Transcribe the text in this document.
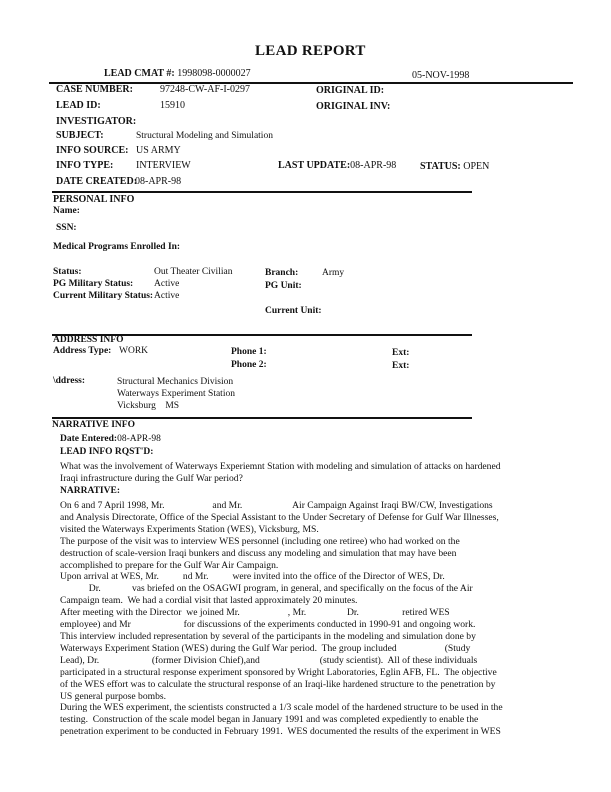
LEAD REPORT
LEAD CMAT #: 1998098-0000027	05-NOV-1998
CASE NUMBER:	97248-CW-AF-I-0297	ORIGINAL ID:
LEAD ID:	15910	ORIGINAL INV:
INVESTIGATOR:
SUBJECT:	Structural Modeling and Simulation
INFO SOURCE: US ARMY
INFO TYPE: INTERVIEW	LAST UPDATE:08-APR-98 STATUS: OPEN
DATE CREATED:
08-APR-98
PERSONAL INFO
Name:
SSN:
Medical Programs Enrolled In:
Status:	Out Theater Civilian	Branch:	Army
PG Military Status: Active	PG Unit:
Current Military Status: Active
Current Unit:
ADDRESS INFO
Address Type: WORK	Phone 1:	Ext:
Phone 2:	Ext:
\ddress:	Structural Mechanics Division
Waterways Experiment Station
Vicksburg    MS
NARRATIVE INFO
Date Entered:08-APR-98
LEAD INFO RQST'D:

What was the involvement of Waterways Experiemnt Station with modeling and simulation of attacks on hardened

Iraqi infrastructure during the Gulf War period?

NARRATIVE:

On 6 and 7 April 1998, Mr.                    and Mr.                     Air Campaign Against Iraqi BW/CW, Investigations

and Analysis Directorate, Office of the Special Assistant to the Under Secretary of Defense for Gulf War Illnesses,

visited the Waterways Experiments Station (WES), Vicksburg, MS.

The purpose of the visit was to interview WES personnel (including one retiree) who had worked on the

destruction of scale-version Iraqi bunkers and discuss any modeling and simulation that may have been

accomplished to prepare for the Gulf War Air Campaign.

Upon arrival at WES, Mr.          nd Mr.          were invited into the office of the Director of WES, Dr.

Dr.             vas briefed on the OSAGWI program, in general, and specifically on the focus of the Air

Campaign team.  We had a cordial visit that lasted approximately 20 minutes.

After meeting with the Director  we joined Mr.                    , Mr.                 Dr.                  retired WES

employee) and Mr                      for discussions of the experiments conducted in 1990-91 and ongoing work.

This interview included representation by several of the participants in the modeling and simulation done by

Waterways Experiment Station (WES) during the Gulf War period.  The group included                    (Study

Lead), Dr.                      (former Division Chief),and                         (study scientist).  All of these individuals

participated in a structural response experiment sponsored by Wright Laboratories, Eglin AFB, FL.  The objective

of the WES effort was to calculate the structural response of an Iraqi-like hardened structure to the penetration by

US general purpose bombs.

During the WES experiment, the scientists constructed a 1/3 scale model of the hardened structure to be used in the

testing.  Construction of the scale model began in January 1991 and was completed expediently to enable the

penetration experiment to be conducted in February 1991.  WES documented the results of the experiment in WES
